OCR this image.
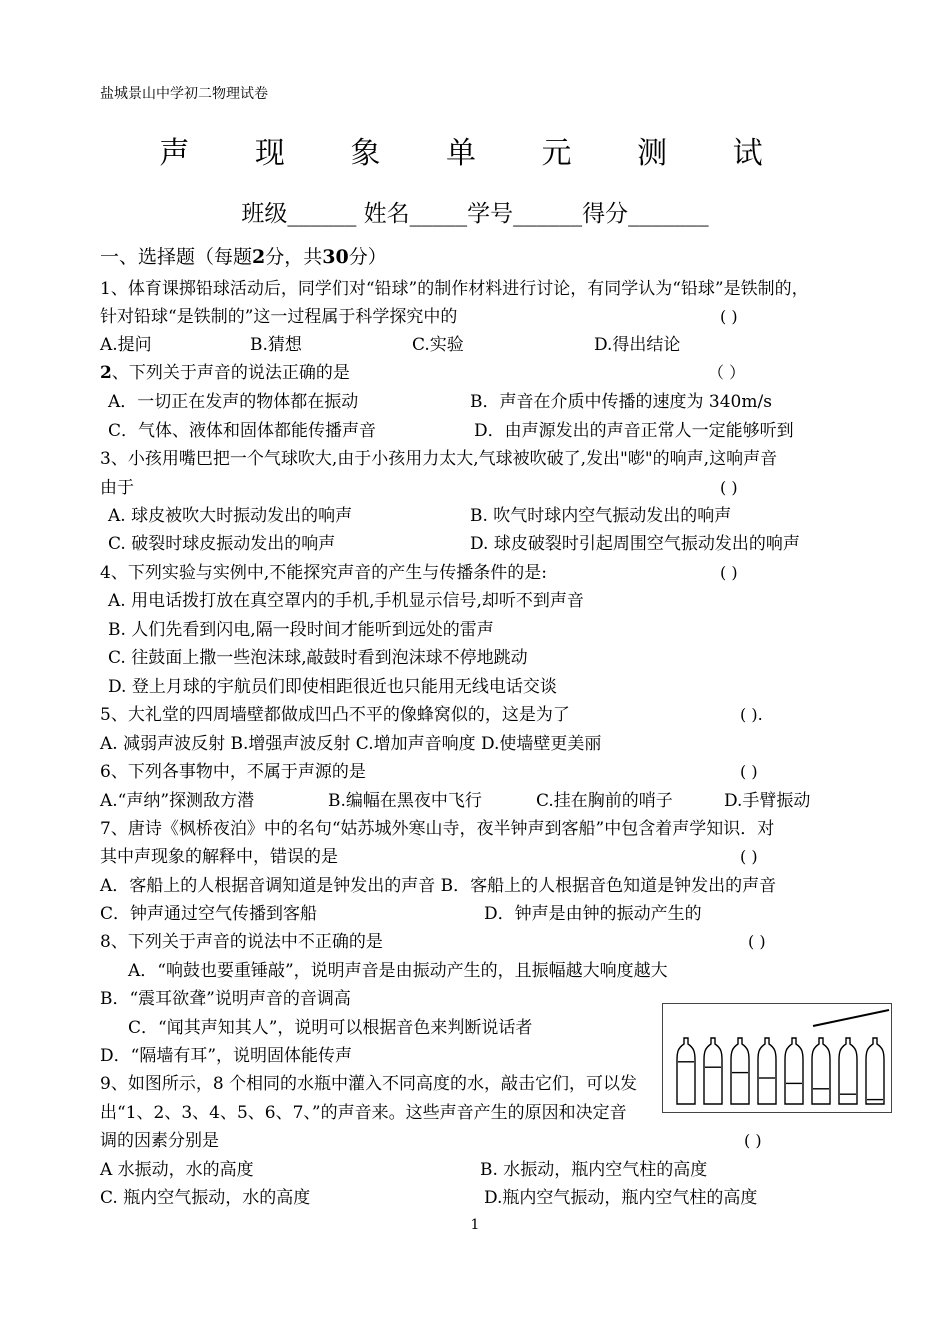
盐城景山中学初二物理试卷
声 现 象 单 元 测 试
班级______ 姓名_____学号______得分_______
一、选择题（每题2分，共30分）
1、体育课掷铅球活动后，同学们对“铅球”的制作材料进行讨论，有同学认为“铅球”是铁制的，
针对铅球“是铁制的”这一过程属于科学探究中的	( )
A.提问	B.猜想	C.实验	D.得出结论
2、下列关于声音的说法正确的是	（ ）
A．一切正在发声的物体都在振动	B．声音在介质中传播的速度为 340m/s
C．气体、液体和固体都能传播声音	D．由声源发出的声音正常人一定能够听到
3、小孩用嘴巴把一个气球吹大,由于小孩用力太大,气球被吹破了,发出"嘭"的响声,这响声音
由于	( )
A. 球皮被吹大时振动发出的响声	B. 吹气时球内空气振动发出的响声
C. 破裂时球皮振动发出的响声	D. 球皮破裂时引起周围空气振动发出的响声
4、下列实验与实例中,不能探究声音的产生与传播条件的是:	( )
A. 用电话拨打放在真空罩内的手机,手机显示信号,却听不到声音
B. 人们先看到闪电,隔一段时间才能听到远处的雷声
C. 往鼓面上撒一些泡沫球,敲鼓时看到泡沫球不停地跳动
D. 登上月球的宇航员们即使相距很近也只能用无线电话交谈
5、大礼堂的四周墙壁都做成凹凸不平的像蜂窝似的，这是为了	( ).
A. 减弱声波反射 B.增强声波反射 C.增加声音响度 D.使墙壁更美丽
6、下列各事物中，不属于声源的是	( )
A.“声纳”探测敌方潜	B.编幅在黑夜中飞行	C.挂在胸前的哨子	D.手臂振动
7、唐诗《枫桥夜泊》中的名句“姑苏城外寒山寺，夜半钟声到客船”中包含着声学知识．对
其中声现象的解释中，错误的是	( )
A．客船上的人根据音调知道是钟发出的声音 B．客船上的人根据音色知道是钟发出的声音
C．钟声通过空气传播到客船	D．钟声是由钟的振动产生的
8、下列关于声音的说法中不正确的是	( )
A．“响鼓也要重锤敲”，说明声音是由振动产生的，且振幅越大响度越大
B．“震耳欲聋”说明声音的音调高
C．“闻其声知其人”，说明可以根据音色来判断说话者
D．“隔墙有耳”，说明固体能传声
9、如图所示，8 个相同的水瓶中灌入不同高度的水，敲击它们，可以发
出“1、2、3、4、5、6、7、”的声音来。这些声音产生的原因和决定音
调的因素分别是	( )
A 水振动，水的高度	B. 水振动，瓶内空气柱的高度
C. 瓶内空气振动，水的高度	D.瓶内空气振动，瓶内空气柱的高度
1
